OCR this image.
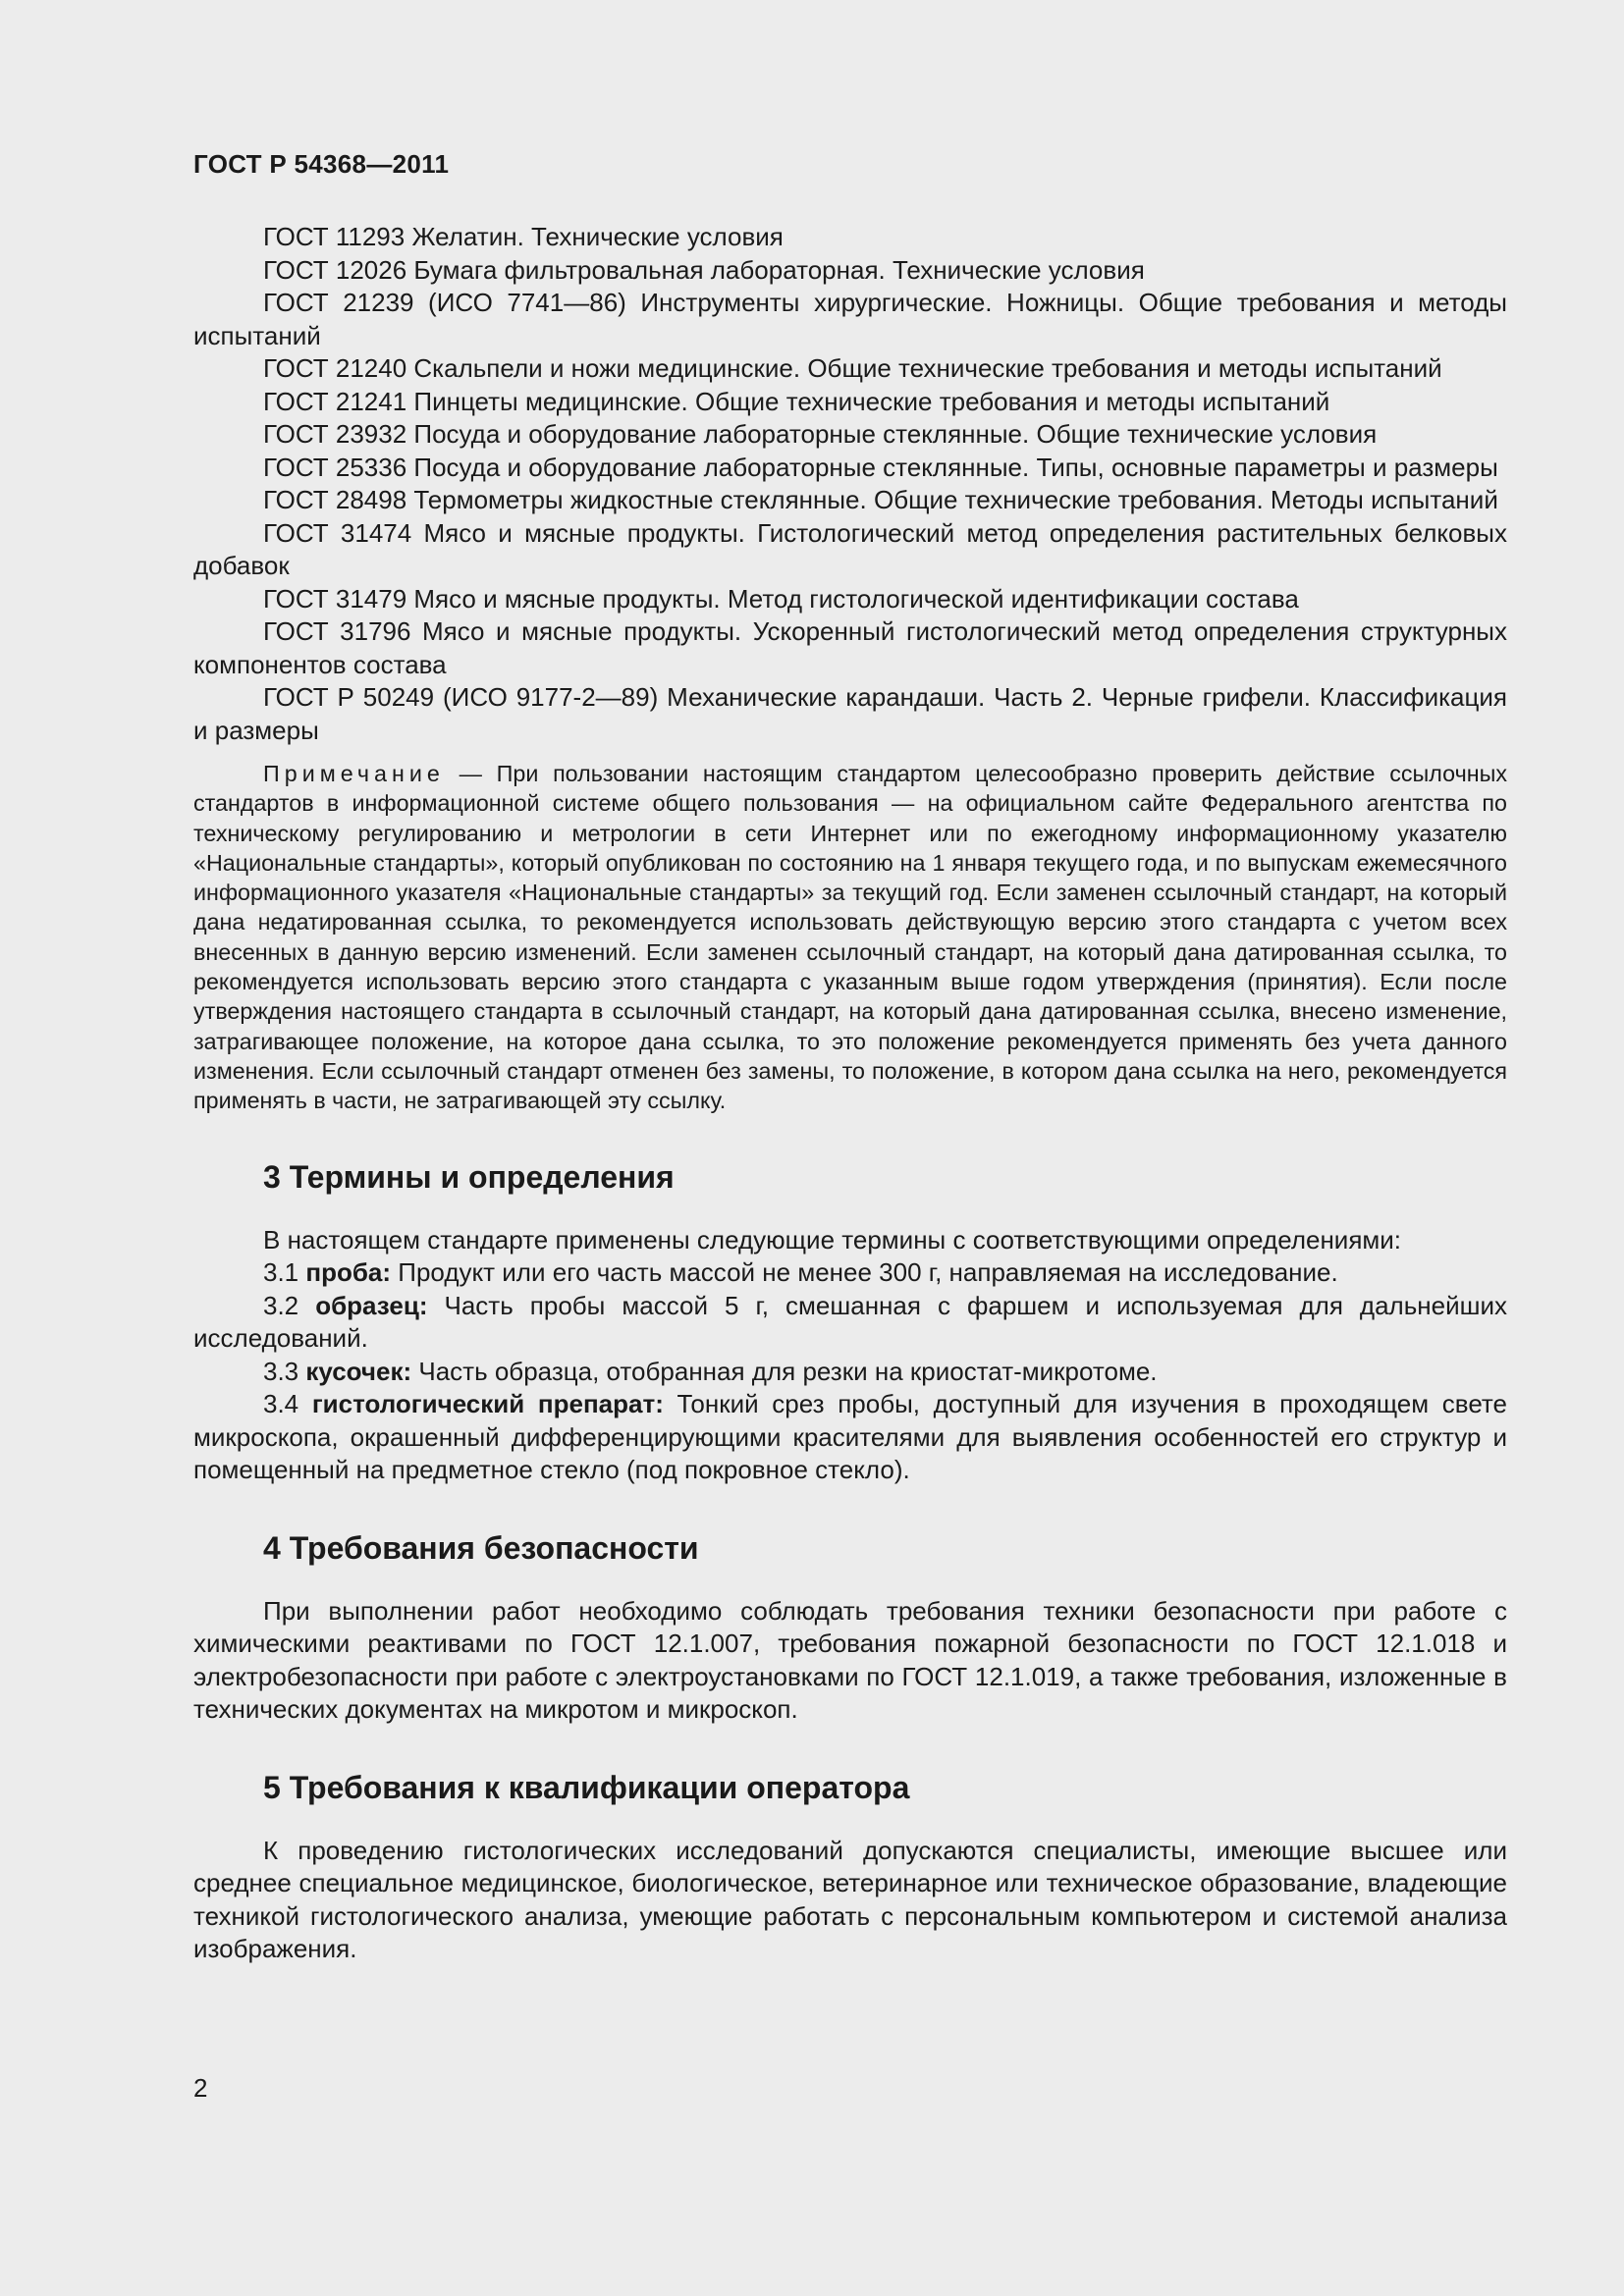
ГОСТ Р 54368—2011

ГОСТ 11293 Желатин. Технические условия

ГОСТ 12026 Бумага фильтровальная лабораторная. Технические условия

ГОСТ 21239 (ИСО 7741—86) Инструменты хирургические. Ножницы. Общие требования и методы испытаний

ГОСТ 21240 Скальпели и ножи медицинские. Общие технические требования и методы испытаний

ГОСТ 21241 Пинцеты медицинские. Общие технические требования и методы испытаний

ГОСТ 23932 Посуда и оборудование лабораторные стеклянные. Общие технические условия

ГОСТ 25336 Посуда и оборудование лабораторные стеклянные. Типы, основные параметры и размеры

ГОСТ 28498 Термометры жидкостные стеклянные. Общие технические требования. Методы испытаний

ГОСТ 31474 Мясо и мясные продукты. Гистологический метод определения растительных белковых добавок

ГОСТ 31479 Мясо и мясные продукты. Метод гистологической идентификации состава

ГОСТ 31796 Мясо и мясные продукты. Ускоренный гистологический метод определения структурных компонентов состава

ГОСТ Р 50249 (ИСО 9177-2—89) Механические карандаши. Часть 2. Черные грифели. Классификация и размеры

Примечание — При пользовании настоящим стандартом целесообразно проверить действие ссылочных стандартов в информационной системе общего пользования — на официальном сайте Федерального агентства по техническому регулированию и метрологии в сети Интернет или по ежегодному информационному указателю «Национальные стандарты», который опубликован по состоянию на 1 января текущего года, и по выпускам ежемесячного информационного указателя «Национальные стандарты» за текущий год. Если заменен ссылочный стандарт, на который дана недатированная ссылка, то рекомендуется использовать действующую версию этого стандарта с учетом всех внесенных в данную версию изменений. Если заменен ссылочный стандарт, на который дана датированная ссылка, то рекомендуется использовать версию этого стандарта с указанным выше годом утверждения (принятия). Если после утверждения настоящего стандарта в ссылочный стандарт, на который дана датированная ссылка, внесено изменение, затрагивающее положение, на которое дана ссылка, то это положение рекомендуется применять без учета данного изменения. Если ссылочный стандарт отменен без замены, то положение, в котором дана ссылка на него, рекомендуется применять в части, не затрагивающей эту ссылку.

3 Термины и определения

В настоящем стандарте применены следующие термины с соответствующими определениями:

3.1 проба: Продукт или его часть массой не менее 300 г, направляемая на исследование.

3.2 образец: Часть пробы массой 5 г, смешанная с фаршем и используемая для дальнейших исследований.

3.3 кусочек: Часть образца, отобранная для резки на криостат-микротоме.

3.4 гистологический препарат: Тонкий срез пробы, доступный для изучения в проходящем свете микроскопа, окрашенный дифференцирующими красителями для выявления особенностей его структур и помещенный на предметное стекло (под покровное стекло).

4 Требования безопасности

При выполнении работ необходимо соблюдать требования техники безопасности при работе с химическими реактивами по ГОСТ 12.1.007, требования пожарной безопасности по ГОСТ 12.1.018 и электробезопасности при работе с электроустановками по ГОСТ 12.1.019, а также требования, изложенные в технических документах на микротом и микроскоп.

5 Требования к квалификации оператора

К проведению гистологических исследований допускаются специалисты, имеющие высшее или среднее специальное медицинское, биологическое, ветеринарное или техническое образование, владеющие техникой гистологического анализа, умеющие работать с персональным компьютером и системой анализа изображения.

2
